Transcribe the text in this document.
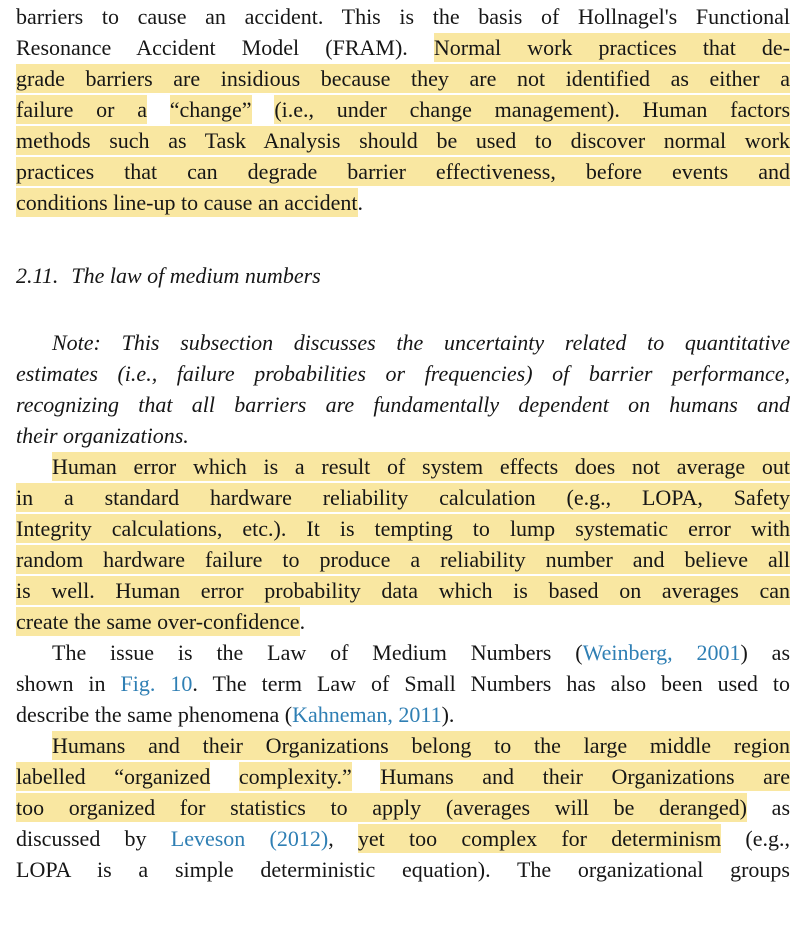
barriers to cause an accident. This is the basis of Hollnagel's Functional
Resonance Accident Model (FRAM). Normal work practices that de-
grade barriers are insidious because they are not identified as either a
failure or a “change” (i.e., under change management). Human factors
methods such as Task Analysis should be used to discover normal work
practices that can degrade barrier effectiveness, before events and
conditions line-up to cause an accident.
2.11. The law of medium numbers
Note: This subsection discusses the uncertainty related to quantitative
estimates (i.e., failure probabilities or frequencies) of barrier performance,
recognizing that all barriers are fundamentally dependent on humans and
their organizations.
Human error which is a result of system effects does not average out
in a standard hardware reliability calculation (e.g., LOPA, Safety
Integrity calculations, etc.). It is tempting to lump systematic error with
random hardware failure to produce a reliability number and believe all
is well. Human error probability data which is based on averages can
create the same over-confidence.
The issue is the Law of Medium Numbers (Weinberg, 2001) as
shown in Fig. 10. The term Law of Small Numbers has also been used to
describe the same phenomena (Kahneman, 2011).
Humans and their Organizations belong to the large middle region
labelled “organized complexity.” Humans and their Organizations are
too organized for statistics to apply (averages will be deranged) as
discussed by Leveson (2012), yet too complex for determinism (e.g.,
LOPA is a simple deterministic equation). The organizational groups
